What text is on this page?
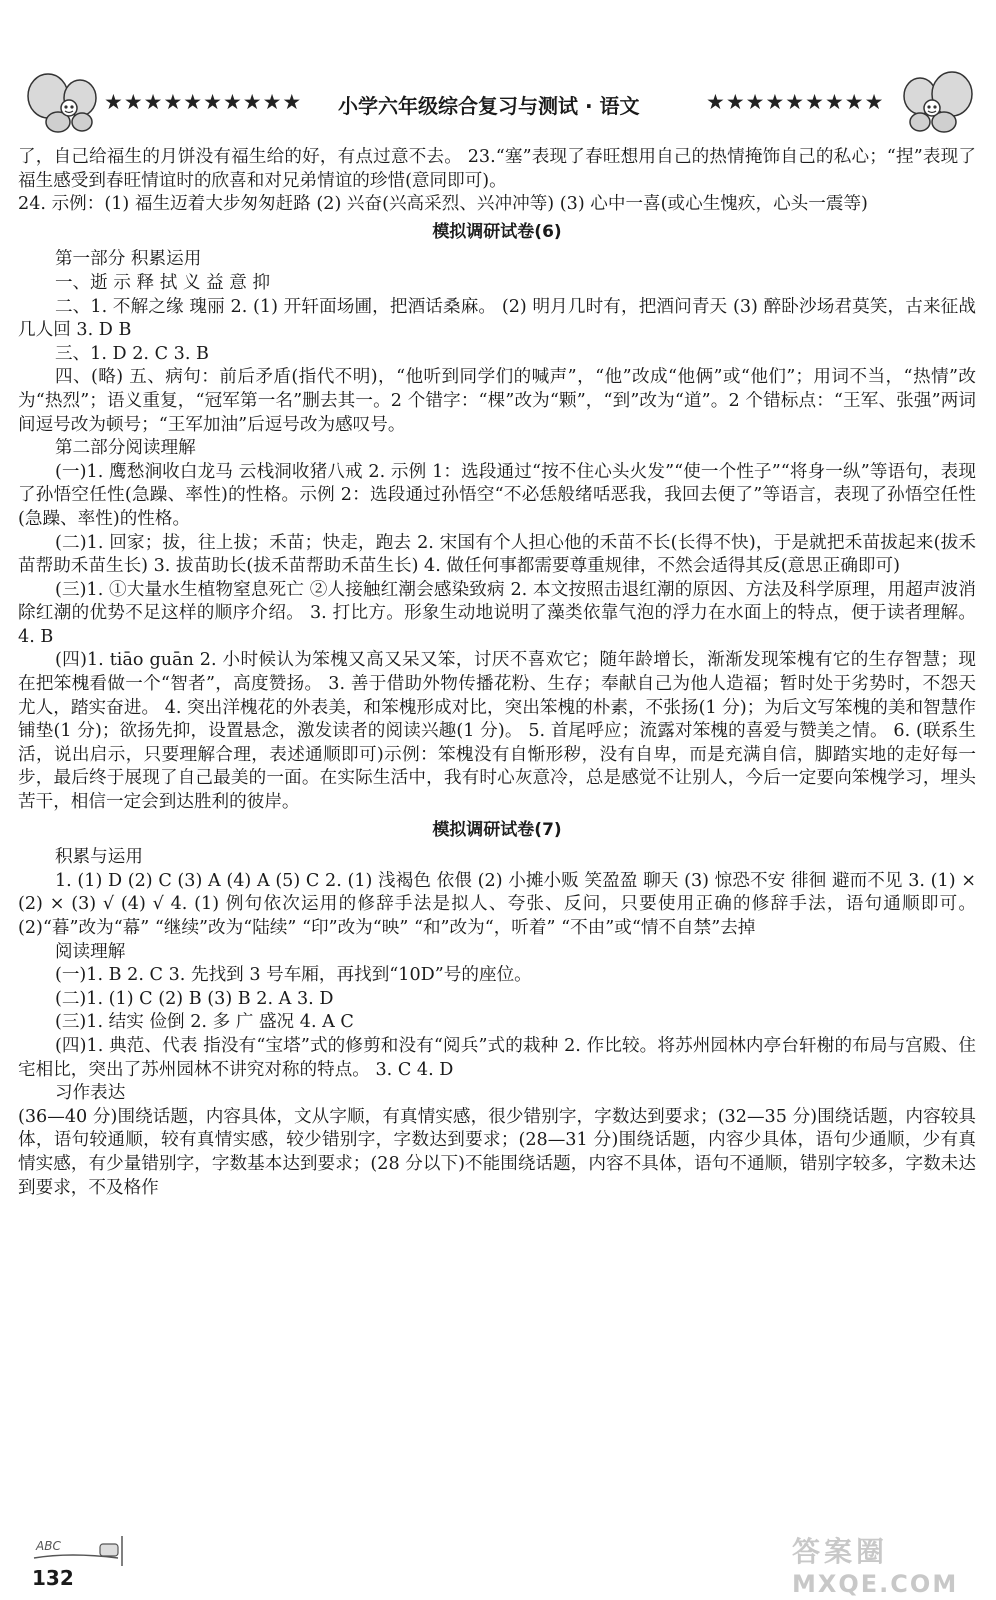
★★★★★★★★★★ 小学六年级综合复习与测试 · 语文	★★★★★★★★★

了，自己给福生的月饼没有福生给的好，有点过意不去。 23.“塞”表现了春旺想用自己的热情掩饰自己的私心；“捏”表现了福生感受到春旺情谊时的欣喜和对兄弟情谊的珍惜(意同即可)。

24. 示例：(1) 福生迈着大步匆匆赶路 (2) 兴奋(兴高采烈、兴冲冲等) (3) 心中一喜(或心生愧疚，心头一震等)

模拟调研试卷(6)

第一部分 积累运用

一、逝 示 释 拭 义 益 意 抑

二、1. 不解之缘 瑰丽 2. (1) 开轩面场圃，把酒话桑麻。 (2) 明月几时有，把酒问青天 (3) 醉卧沙场君莫笑，古来征战几人回 3. D B

三、1. D 2. C 3. B

四、(略) 五、病句：前后矛盾(指代不明)，“他听到同学们的喊声”，“他”改成“他俩”或“他们”；用词不当，“热情”改为“热烈”；语义重复，“冠军第一名”删去其一。2 个错字：“棵”改为“颗”，“到”改为“道”。2 个错标点：“王军、张强”两词间逗号改为顿号；“王军加油”后逗号改为感叹号。

第二部分阅读理解

(一)1. 鹰愁涧收白龙马 云栈洞收猪八戒 2. 示例 1：选段通过“按不住心头火发”“使一个性子”“将身一纵”等语句，表现了孙悟空任性(急躁、率性)的性格。示例 2：选段通过孙悟空“不必恁般绪咶恶我，我回去便了”等语言，表现了孙悟空任性(急躁、率性)的性格。

(二)1. 回家；拔，往上拔；禾苗；快走，跑去 2. 宋国有个人担心他的禾苗不长(长得不快)，于是就把禾苗拔起来(拔禾苗帮助禾苗生长) 3. 拔苗助长(拔禾苗帮助禾苗生长) 4. 做任何事都需要尊重规律，不然会适得其反(意思正确即可)

(三)1. ①大量水生植物窒息死亡 ②人接触红潮会感染致病 2. 本文按照击退红潮的原因、方法及科学原理，用超声波消除红潮的优势不足这样的顺序介绍。 3. 打比方。形象生动地说明了藻类依靠气泡的浮力在水面上的特点，便于读者理解。 4. B

(四)1. tiāo guān 2. 小时候认为笨槐又高又呆又笨，讨厌不喜欢它；随年龄增长，渐渐发现笨槐有它的生存智慧；现在把笨槐看做一个“智者”，高度赞扬。 3. 善于借助外物传播花粉、生存；奉献自己为他人造福；暂时处于劣势时，不怨天尤人，踏实奋进。 4. 突出洋槐花的外表美，和笨槐形成对比，突出笨槐的朴素，不张扬(1 分)；为后文写笨槐的美和智慧作铺垫(1 分)；欲扬先抑，设置悬念，激发读者的阅读兴趣(1 分)。 5. 首尾呼应；流露对笨槐的喜爱与赞美之情。 6. (联系生活，说出启示，只要理解合理，表述通顺即可)示例：笨槐没有自惭形秽，没有自卑，而是充满自信，脚踏实地的走好每一步，最后终于展现了自己最美的一面。在实际生活中，我有时心灰意冷，总是感觉不让别人，今后一定要向笨槐学习，埋头苦干，相信一定会到达胜利的彼岸。

模拟调研试卷(7)

积累与运用

1. (1) D (2) C (3) A (4) A (5) C 2. (1) 浅褐色 依偎 (2) 小摊小贩 笑盈盈 聊天 (3) 惊恐不安 徘徊 避而不见 3. (1) × (2) × (3) √ (4) √ 4. (1) 例句依次运用的修辞手法是拟人、夸张、反问，只要使用正确的修辞手法，语句通顺即可。(2)“暮”改为“幕” “继续”改为“陆续” “印”改为“映” “和”改为“，听着” “不由”或“情不自禁”去掉

阅读理解

(一)1. B 2. C 3. 先找到 3 号车厢，再找到“10D”号的座位。

(二)1. (1) C (2) B (3) B 2. A 3. D

(三)1. 结实 俭倒 2. 多 广 盛况 4. A C

(四)1. 典范、代表 指没有“宝塔”式的修剪和没有“阅兵”式的栽种 2. 作比较。将苏州园林内亭台轩榭的布局与宫殿、住宅相比，突出了苏州园林不讲究对称的特点。 3. C 4. D

习作表达

(36—40 分)围绕话题，内容具体，文从字顺，有真情实感，很少错别字，字数达到要求；(32—35 分)围绕话题，内容较具体，语句较通顺，较有真情实感，较少错别字，字数达到要求；(28—31 分)围绕话题，内容少具体，语句少通顺，少有真情实感，有少量错别字，字数基本达到要求；(28 分以下)不能围绕话题，内容不具体，语句不通顺，错别字较多，字数未达到要求，不及格作

ABC
132
答案圈
MXQE.COM
